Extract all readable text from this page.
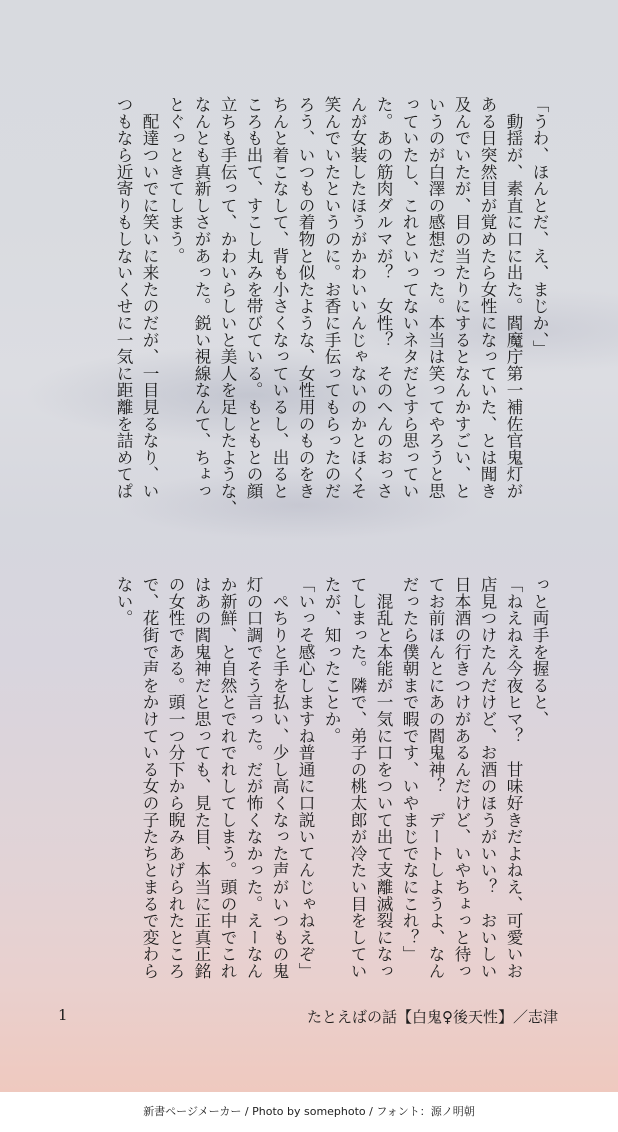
「うわ、ほんとだ、え、まじか、」
　動揺が、素直に口に出た。閻魔庁第一補佐官鬼灯が
ある日突然目が覚めたら女性になっていた、とは聞き
及んでいたが、目の当たりにするとなんかすごい、と
いうのが白澤の感想だった。本当は笑ってやろうと思
っていたし、これといってないネタだとすら思ってい
た。あの筋肉ダルマが？　女性？　そのへんのおっさ
んが女装したほうがかわいいんじゃないのかとほくそ
笑んでいたというのに。お香に手伝ってもらったのだ
ろう、いつもの着物と似たような、女性用のものをき
ちんと着こなして、背も小さくなっているし、出ると
ころも出て、すこし丸みを帯びている。もともとの顔
立ちも手伝って、かわいらしいと美人を足したような、
なんとも真新しさがあった。鋭い視線なんて、ちょっ
とぐっときてしまう。
　配達ついでに笑いに来たのだが、一目見るなり、い
つもなら近寄りもしないくせに一気に距離を詰めてぱ
っと両手を握ると、
「ねえねえ今夜ヒマ？　甘味好きだよねえ、可愛いお
店見つけたんだけど、お酒のほうがいい？　おいしい
日本酒の行きつけがあるんだけど、いやちょっと待っ
てお前ほんとにあの閻鬼神？　デートしようよ、なん
だったら僕朝まで暇です、いやまじでなにこれ？」
　混乱と本能が一気に口をついて出て支離滅裂になっ
てしまった。隣で、弟子の桃太郎が冷たい目をしてい
たが、知ったことか。
「いっそ感心しますね普通に口説いてんじゃねえぞ」
　ぺちりと手を払い、少し高くなった声がいつもの鬼
灯の口調でそう言った。だが怖くなかった。えーなん
か新鮮、と自然とでれでれしてしまう。頭の中でこれ
はあの閻鬼神だと思っても、見た目、本当に正真正銘
の女性である。頭一つ分下から睨みあげられたところ
で、花街で声をかけている女の子たちとまるで変わら
ない。
1	たとえばの話【白鬼♀後天性】／志津
新書ページメーカー / Photo by somephoto / フォント：源ノ明朝
